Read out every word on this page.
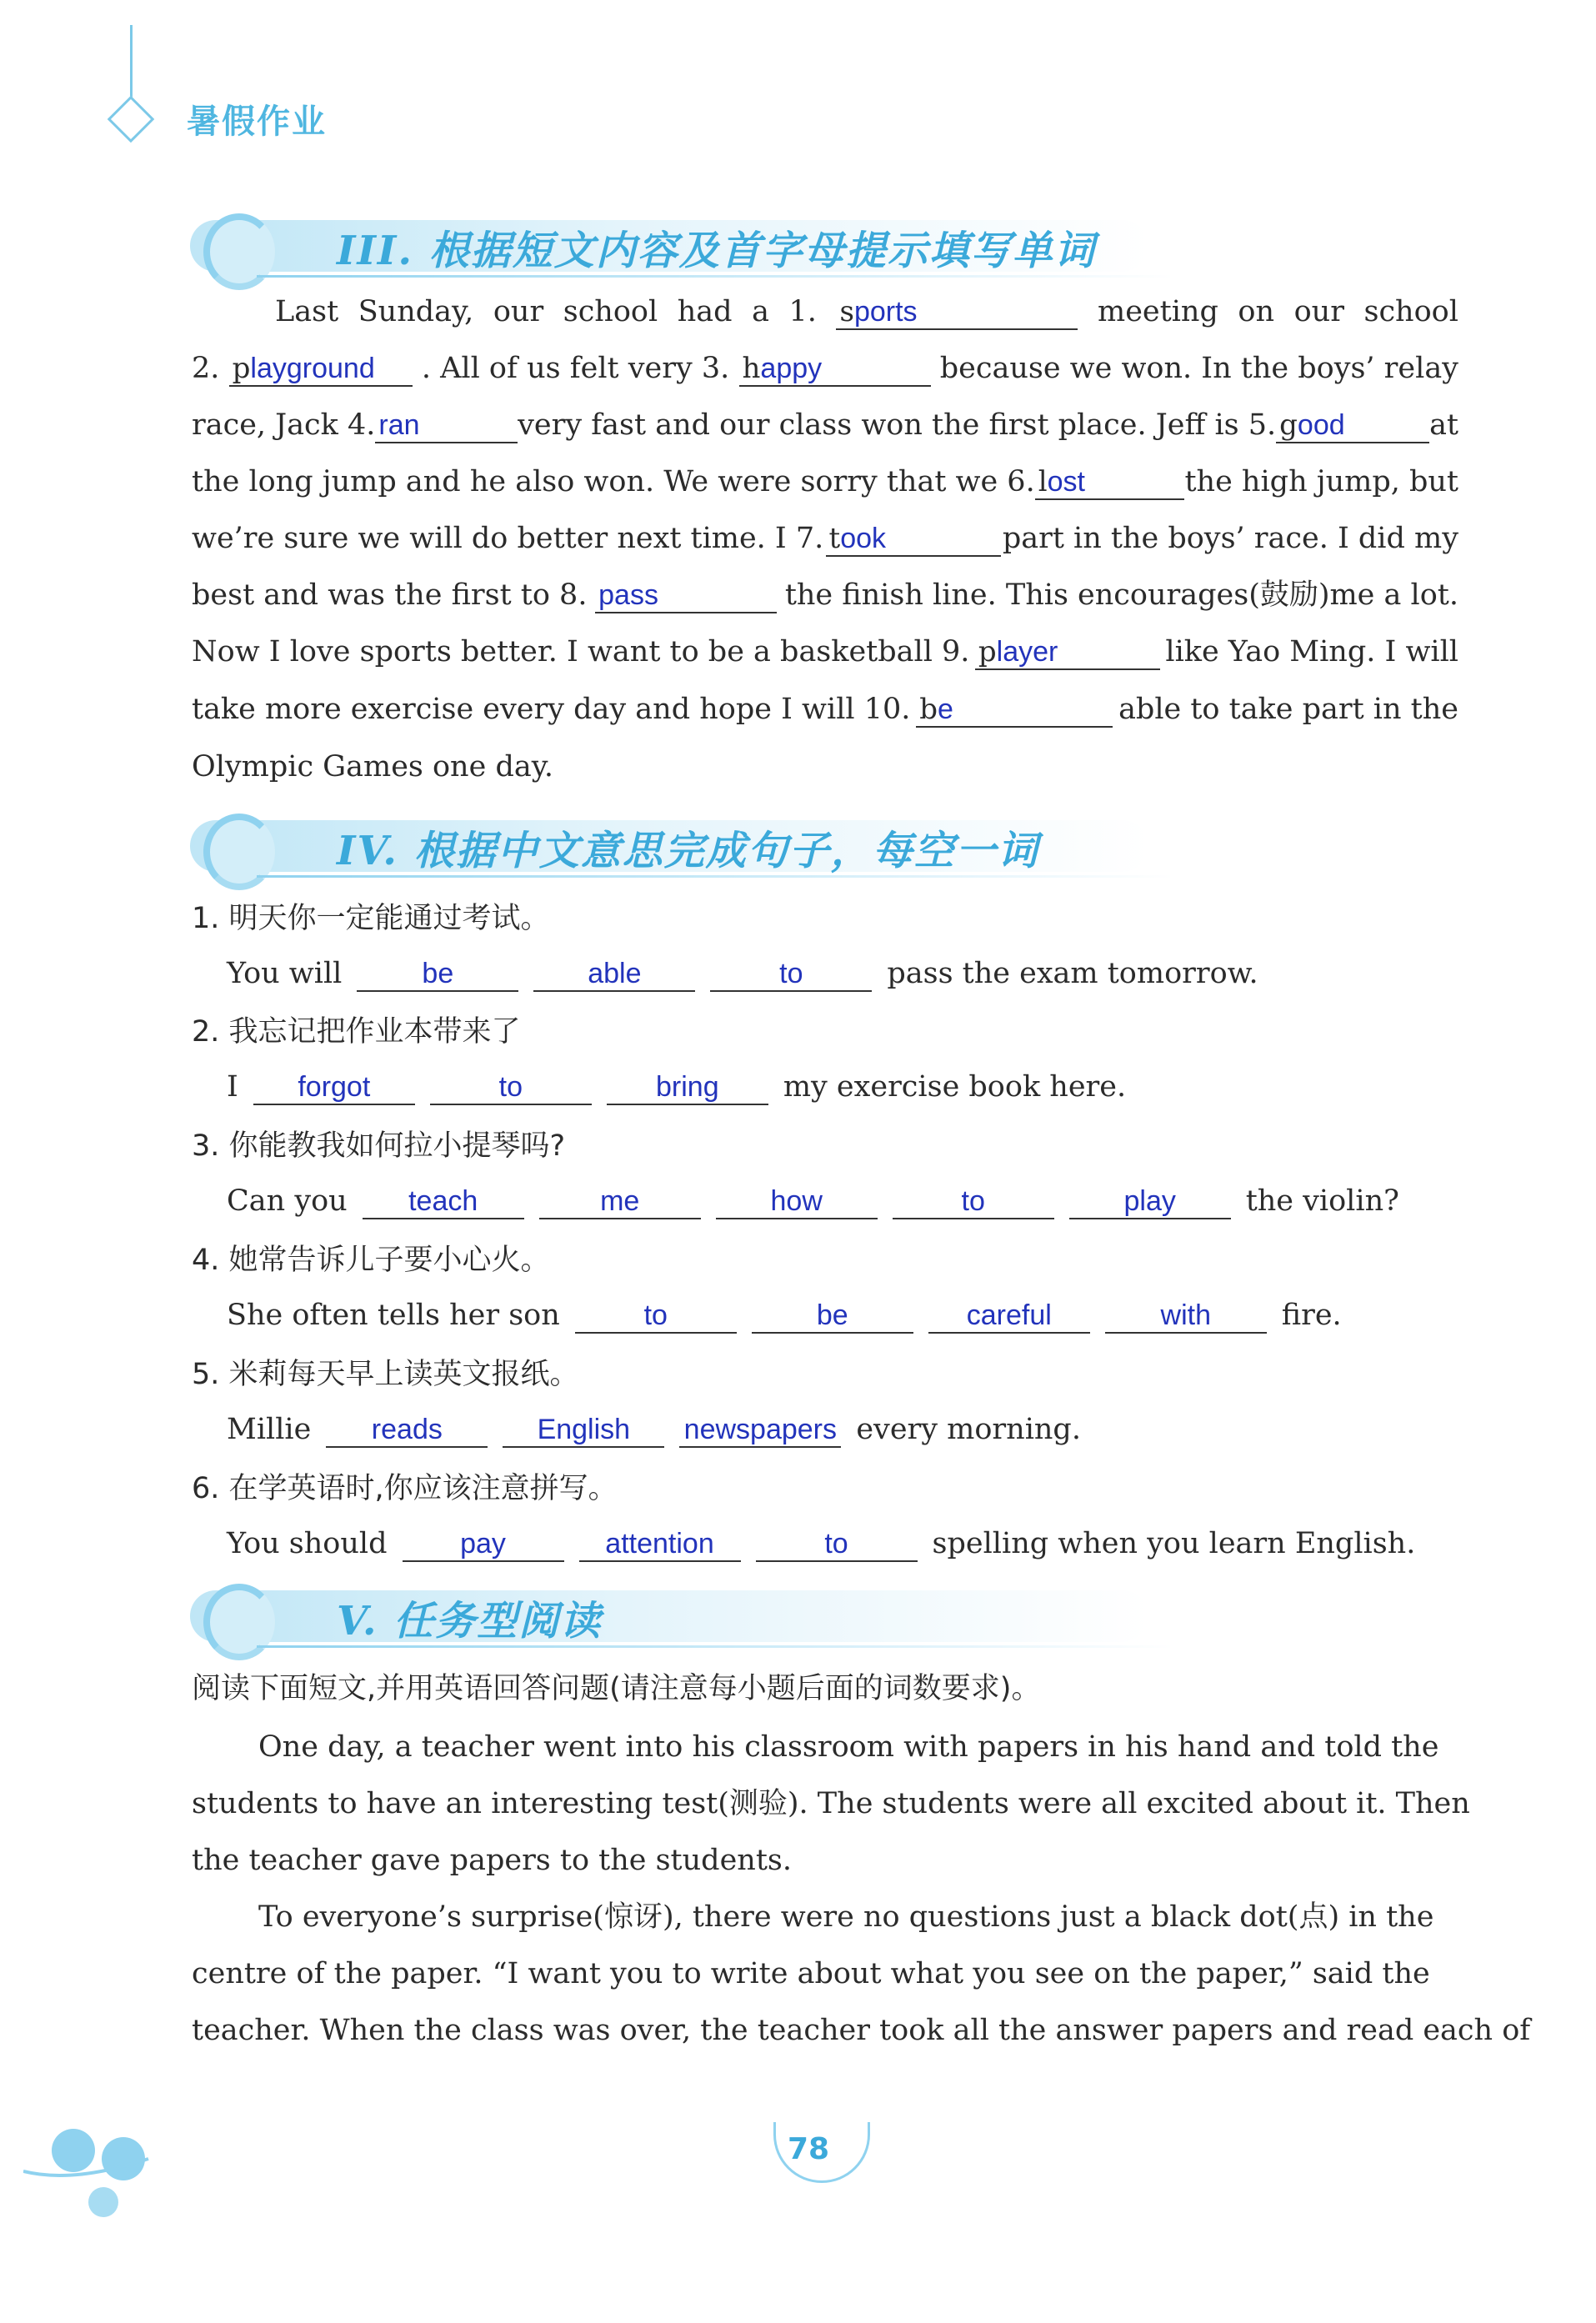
暑假作业
III. 根据短文内容及首字母提示填写单词
Last Sunday, our school had a 1. sports	meeting on our school
2. playground	. All of us felt very 3. happy	because we won. In the boys’ relay
race, Jack 4. ran	very fast and our class won the first place. Jeff is 5. good	at
the long jump and he also won. We were sorry that we 6. lost	the high jump, but
we’re sure we will do better next time. I 7. took	part in the boys’ race. I did my
best and was the first to 8. pass	the finish line. This encourages(鼓励)me a lot.
Now I love sports better. I want to be a basketball 9. player	like Yao Ming. I will
take more exercise every day and hope I will 10. be	able to take part in the
Olympic Games one day.
IV. 根据中文意思完成句子，每空一词
1. 明天你一定能通过考试。
You will	be	able	to	pass the exam tomorrow.
2. 我忘记把作业本带来了
I	forgot	to	bring	my exercise book here.
3. 你能教我如何拉小提琴吗?
Can you	teach	me	how	to	play	the violin?
4. 她常告诉儿子要小心火。
She often tells her son	to	be	careful	with	fire.
5. 米莉每天早上读英文报纸。
Millie	reads	English	newspapers every morning.
6. 在学英语时,你应该注意拼写。
You should	pay	attention	to	spelling when you learn English.
V. 任务型阅读
阅读下面短文,并用英语回答问题(请注意每小题后面的词数要求)。
One day, a teacher went into his classroom with papers in his hand and told the
students to have an interesting test(测验). The students were all excited about it. Then
the teacher gave papers to the students.
To everyone’s surprise(惊讶), there were no questions just a black dot(点) in the
centre of the paper. “I want you to write about what you see on the paper,” said the
teacher. When the class was over, the teacher took all the answer papers and read each of
78
